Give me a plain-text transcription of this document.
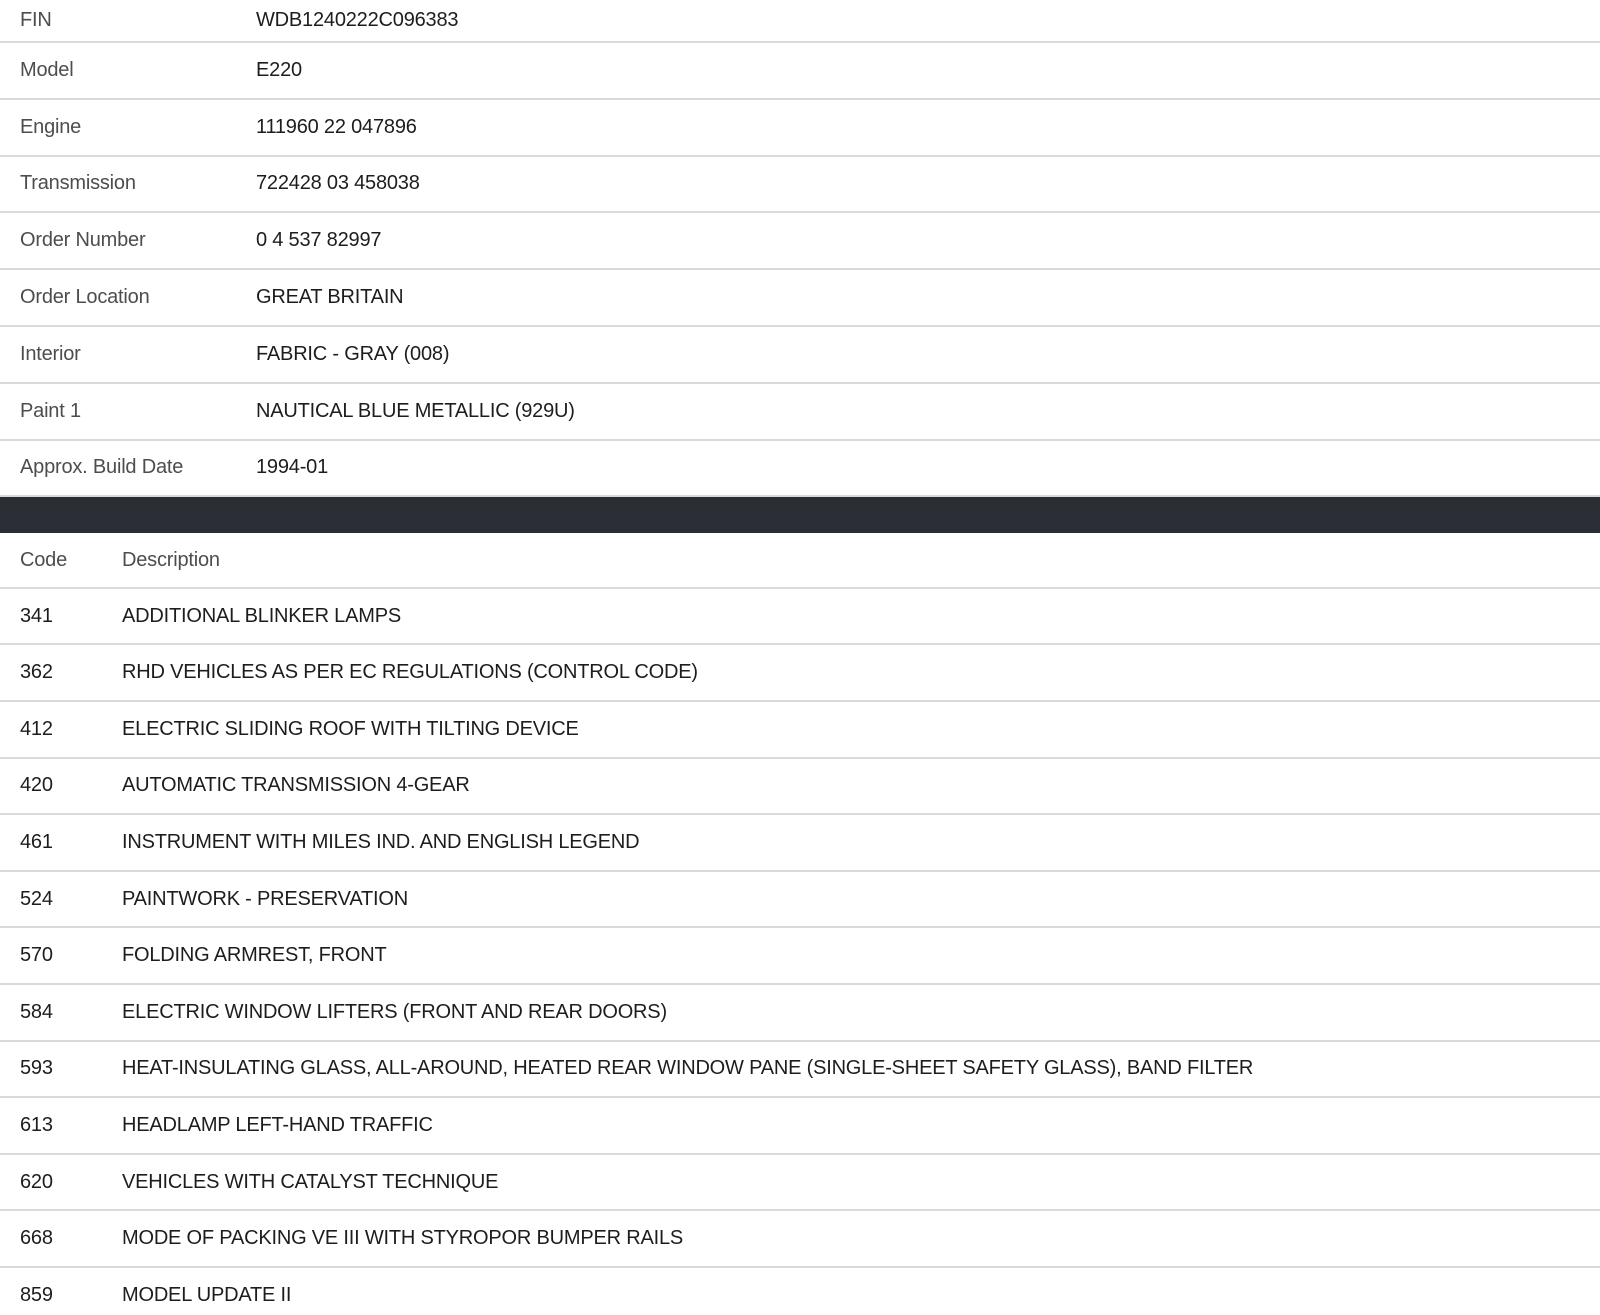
FIN	WDB1240222C096383
Model	E220
Engine	111960 22 047896
Transmission	722428 03 458038
Order Number	0 4 537 82997
Order Location	GREAT BRITAIN
Interior	FABRIC - GRAY (008)
Paint 1	NAUTICAL BLUE METALLIC (929U)
Approx. Build Date	1994-01
Code	Description
341	ADDITIONAL BLINKER LAMPS
362	RHD VEHICLES AS PER EC REGULATIONS (CONTROL CODE)
412	ELECTRIC SLIDING ROOF WITH TILTING DEVICE
420	AUTOMATIC TRANSMISSION 4-GEAR
461	INSTRUMENT WITH MILES IND. AND ENGLISH LEGEND
524	PAINTWORK - PRESERVATION
570	FOLDING ARMREST, FRONT
584	ELECTRIC WINDOW LIFTERS (FRONT AND REAR DOORS)
593	HEAT-INSULATING GLASS, ALL-AROUND, HEATED REAR WINDOW PANE (SINGLE-SHEET SAFETY GLASS), BAND FILTER
613	HEADLAMP LEFT-HAND TRAFFIC
620	VEHICLES WITH CATALYST TECHNIQUE
668	MODE OF PACKING VE III WITH STYROPOR BUMPER RAILS
859	MODEL UPDATE II
